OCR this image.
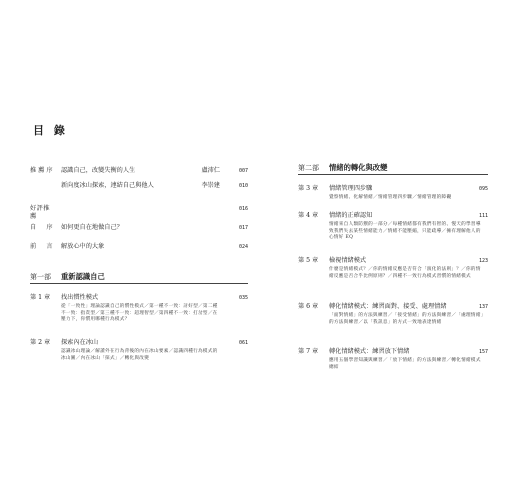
目 錄
推薦序 認識自己，改變失衡的人生	盧沛仁	007
新向度冰山探索，連結自己與他人	李崇建	010
好評推薦
016
自　序 如何更自在地做自己？	017
前　言 解放心中的大象	024
第一部 重新認識自己
第 1 章 找出慣性模式	035
從「一致性」理論認識自己的慣性模式／第一種不一致：討好型／第二種不一致：指責型／第三種不一致：超理智型／第四種不一致：打岔型／在壓力下，你慣用哪種行為模式？
第 2 章 探索內在冰山	061
認識冰山理論／解讀外在行為背後的內在冰山要素／認識四種行為模式的冰山圖／內在冰山「探式」／轉化與改變
第二部 情緒的轉化與改變
第 3 章 情緒管理四步驟	095
覺察情緒、化解情緒／情緒管理四步驟／情緒管理的障礙
第 4 章 情緒的正確認知	111
情緒來自人類防禦的一部分／每種情緒都有我們有智的、慢天的學習導致我們失去某些情緒能力／情緒不能壓縮，只能疏導／擁有理解他人的心情好 EQ
第 5 章 檢視情緒模式	123
什麼是情緒模式？／你的情緒反應是否符合「演化的法則」？／你的情緒反應是否合乎比例原則？／四種不一致行為模式習慣的情緒模式
第 6 章 轉化情緒模式：練習面對、接受、處理情緒	137
「面對情緒」的方法與練習／「接受情緒」的方法與練習／「處理情緒」的方法與練習／以「我訊息」的方式一致地表達情緒
第 7 章 轉化情緒模式：練習放下情緒	157
應用五個學習知識與練習／「放下情緒」的方法與練習／轉化情緒模式總結
